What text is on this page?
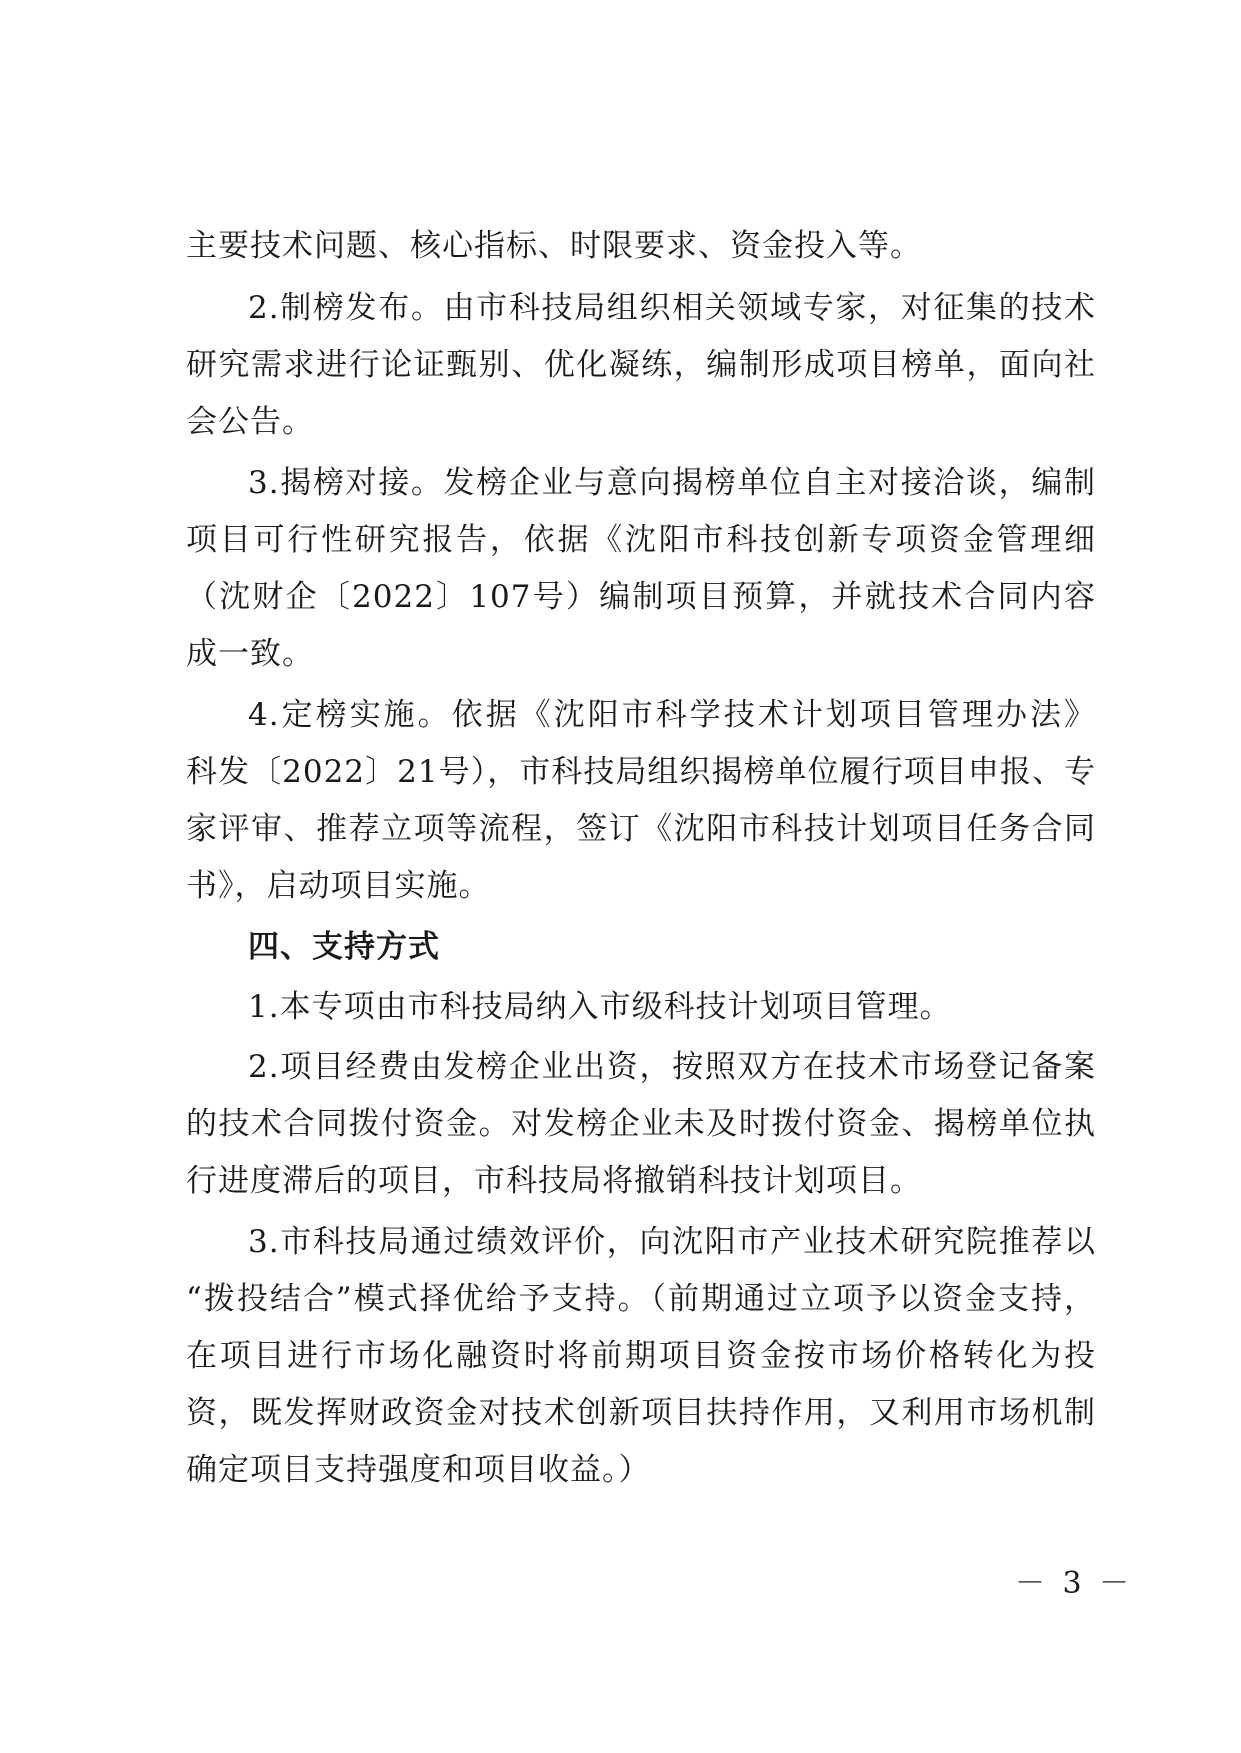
主要技术问题、核心指标、时限要求、资金投入等。
2.制榜发布。由市科技局组织相关领域专家，对征集的技术
研究需求进行论证甄别、优化凝练，编制形成项目榜单，面向社
会公告。
3.揭榜对接。发榜企业与意向揭榜单位自主对接洽谈，编制
项目可行性研究报告，依据《沈阳市科技创新专项资金管理细
（沈财企〔2022〕107号）编制项目预算，并就技术合同内容
成一致。
4.定榜实施。依据《沈阳市科学技术计划项目管理办法》
科发〔2022〕21号），市科技局组织揭榜单位履行项目申报、专
家评审、推荐立项等流程，签订《沈阳市科技计划项目任务合同
书》，启动项目实施。
四、支持方式
1.本专项由市科技局纳入市级科技计划项目管理。
2.项目经费由发榜企业出资，按照双方在技术市场登记备案
的技术合同拨付资金。对发榜企业未及时拨付资金、揭榜单位执
行进度滞后的项目，市科技局将撤销科技计划项目。
3.市科技局通过绩效评价，向沈阳市产业技术研究院推荐以
“拨投结合”模式择优给予支持。（前期通过立项予以资金支持，
在项目进行市场化融资时将前期项目资金按市场价格转化为投
资，既发挥财政资金对技术创新项目扶持作用，又利用市场机制
确定项目支持强度和项目收益。）
－ 3 －
